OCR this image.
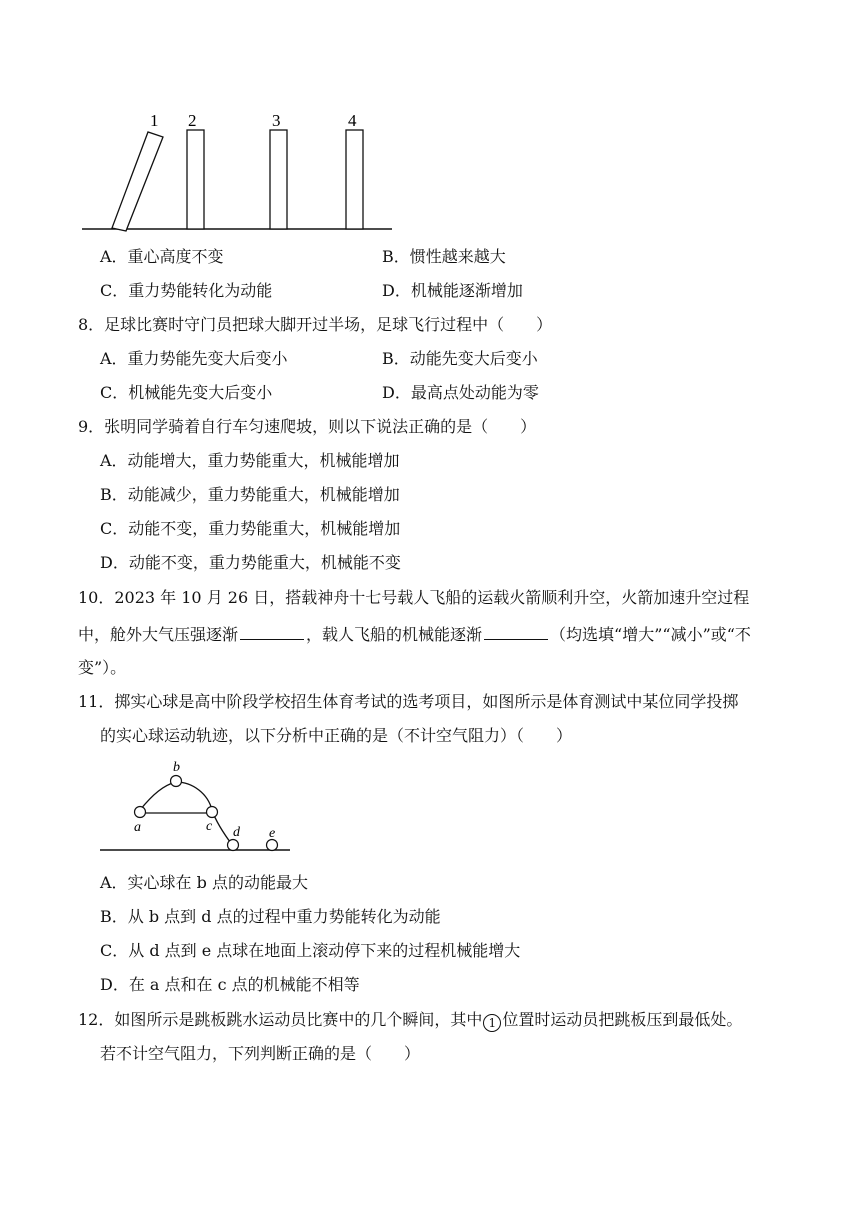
1 2	3	4
A．重心高度不变	B．惯性越来越大
C．重力势能转化为动能	D．机械能逐渐增加
8．足球比赛时守门员把球大脚开过半场，足球飞行过程中（　　）
A．重力势能先变大后变小	B．动能先变大后变小
C．机械能先变大后变小	D．最高点处动能为零
9．张明同学骑着自行车匀速爬坡，则以下说法正确的是（　　）
A．动能增大，重力势能重大，机械能增加
B．动能减少，重力势能重大，机械能增加
C．动能不变，重力势能重大，机械能增加
D．动能不变，重力势能重大，机械能不变
10．2023 年 10 月 26 日，搭载神舟十七号载人飞船的运载火箭顺利升空，火箭加速升空过程
中，舱外大气压强逐渐	，载人飞船的机械能逐渐	（均选填“增大”“减小”或“不
变”）。
11．掷实心球是高中阶段学校招生体育考试的选考项目，如图所示是体育测试中某位同学投掷
的实心球运动轨迹，以下分析中正确的是（不计空气阻力）（　　）
a
b
c d e
A．实心球在 b 点的动能最大
B．从 b 点到 d 点的过程中重力势能转化为动能
C．从 d 点到 e 点球在地面上滚动停下来的过程机械能增大
D．在 a 点和在 c 点的机械能不相等
12．如图所示是跳板跳水运动员比赛中的几个瞬间，其中 1 位置时运动员把跳板压到最低处。
若不计空气阻力，下列判断正确的是（　　）
